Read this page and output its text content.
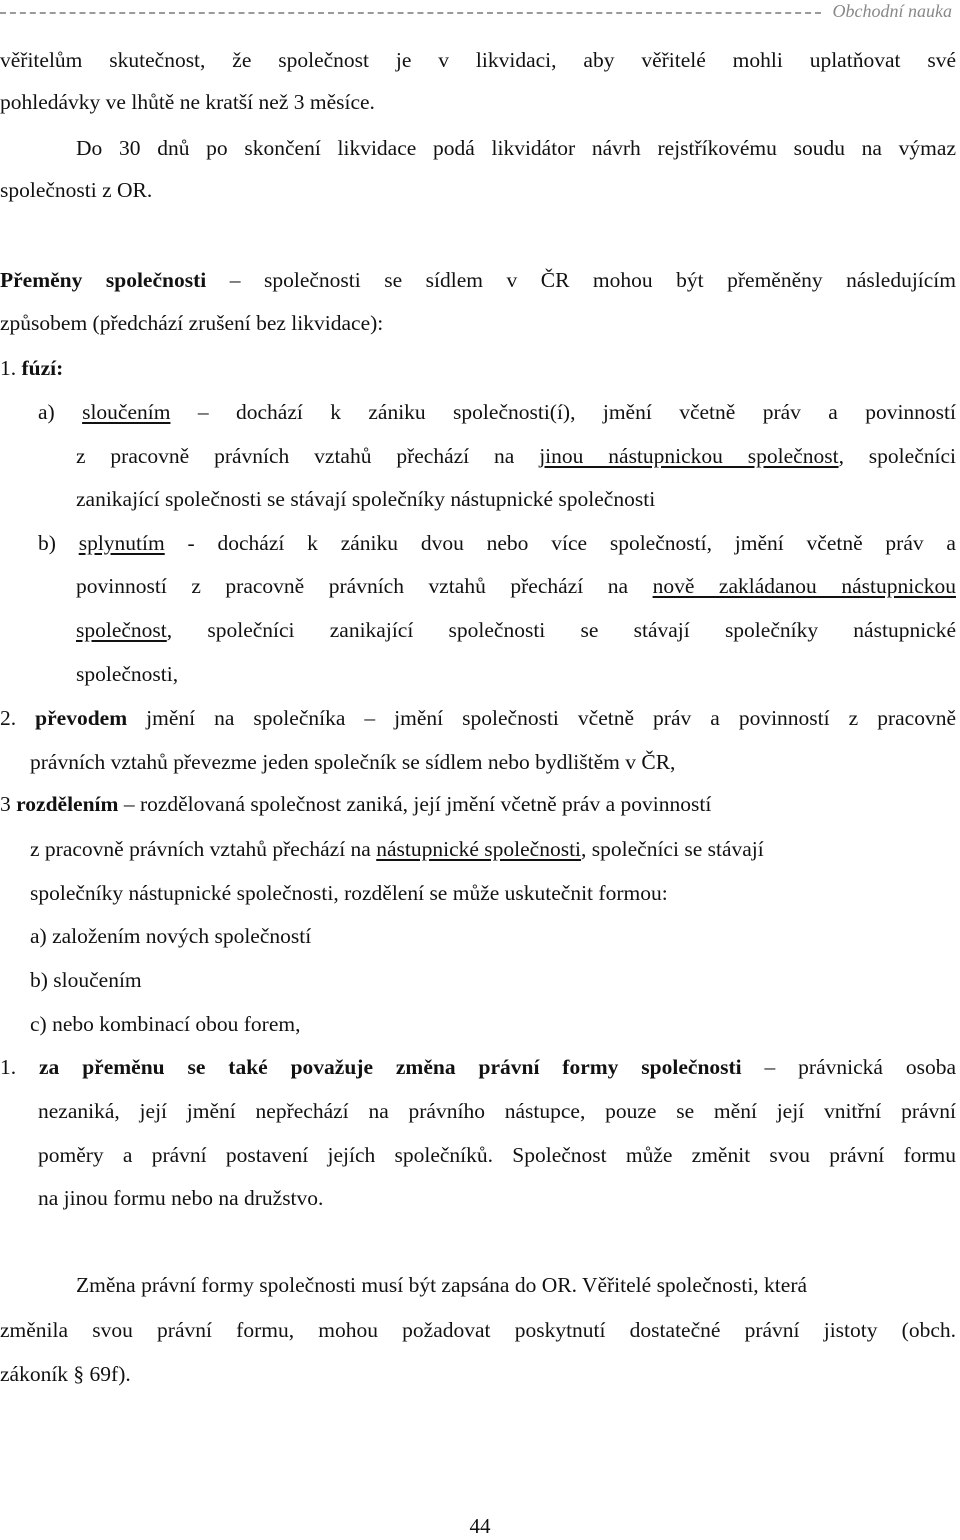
Obchodní nauka
věřitelům skutečnost, že společnost je v likvidaci, aby věřitelé mohli uplatňovat své
pohledávky ve lhůtě ne kratší než 3 měsíce.
Do 30 dnů po skončení likvidace podá likvidátor návrh rejstříkovému soudu na výmaz
společnosti z OR.
Přeměny společnosti – společnosti se sídlem v ČR mohou být přeměněny následujícím
způsobem (předchází zrušení bez likvidace):
1. fúzí:
a) sloučením – dochází k zániku společnosti(í), jmění včetně práv a povinností
z pracovně právních vztahů přechází na jinou nástupnickou společnost, společníci
zanikající společnosti se stávají společníky nástupnické společnosti
b) splynutím - dochází k zániku dvou nebo více společností, jmění včetně práv a
povinností z pracovně právních vztahů přechází na nově zakládanou nástupnickou
společnost, společníci zanikající společnosti se stávají společníky nástupnické
společnosti,
2. převodem jmění na společníka – jmění společnosti včetně práv a povinností z pracovně
právních vztahů převezme jeden společník se sídlem nebo bydlištěm v ČR,
3 rozdělením – rozdělovaná společnost zaniká, její jmění včetně práv a povinností
z pracovně právních vztahů přechází na nástupnické společnosti, společníci se stávají
společníky nástupnické společnosti, rozdělení se může uskutečnit formou:
a) založením nových společností
b) sloučením
c) nebo kombinací obou forem,
1. za přeměnu se také považuje změna právní formy společnosti – právnická osoba
nezaniká, její jmění nepřechází na právního nástupce, pouze se mění její vnitřní právní
poměry a právní postavení jejích společníků. Společnost může změnit svou právní formu
na jinou formu nebo na družstvo.
Změna právní formy společnosti musí být zapsána do OR. Věřitelé společnosti, která
změnila svou právní formu, mohou požadovat poskytnutí dostatečné právní jistoty (obch.
zákoník § 69f).
44
